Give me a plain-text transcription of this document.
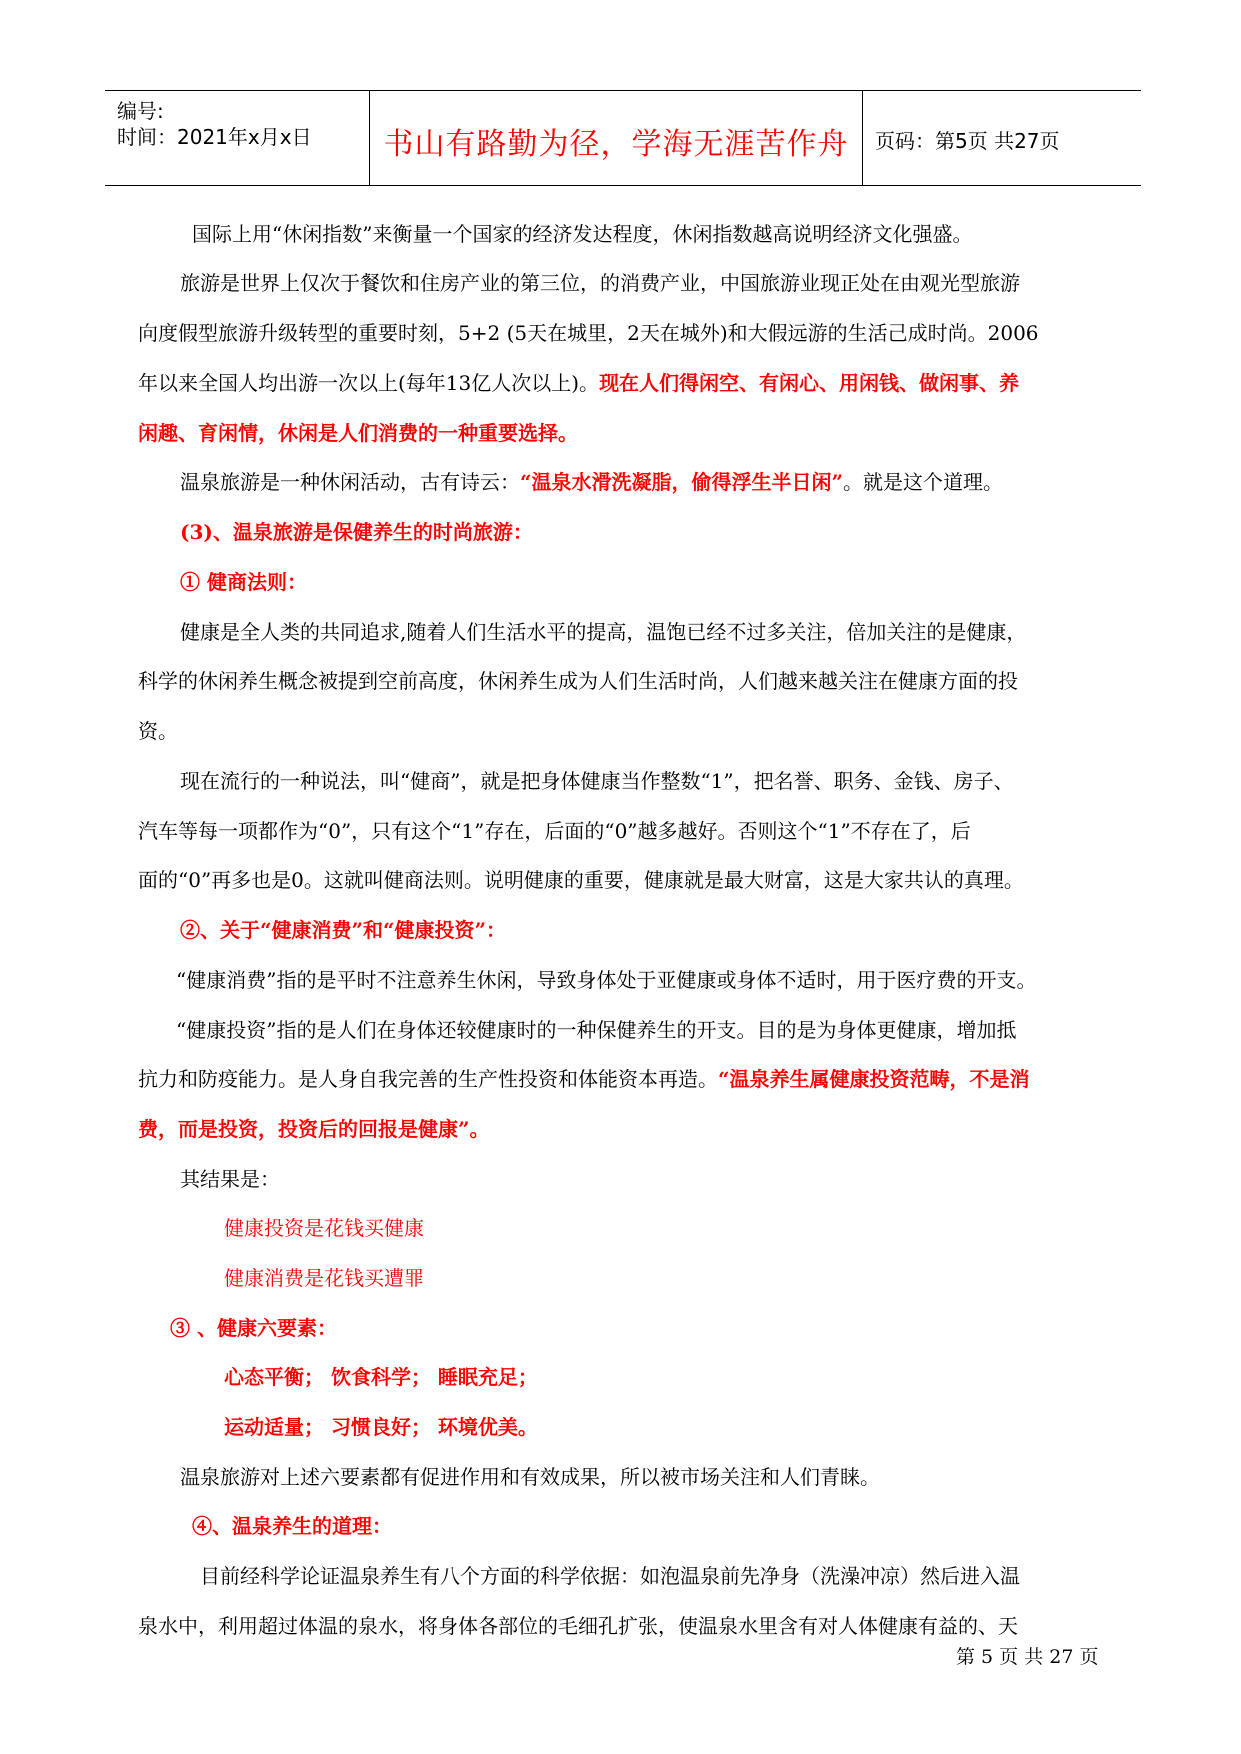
编号:
时间：2021年x月x日	书山有路勤为径，学海无涯苦作舟	页码：第5页 共27页
国际上用“休闲指数”来衡量一个国家的经济发达程度，休闲指数越高说明经济文化强盛。
旅游是世界上仅次于餐饮和住房产业的第三位，的消费产业，中国旅游业现正处在由观光型旅游
向度假型旅游升级转型的重要时刻，5+2 (5天在城里，2天在城外)和大假远游的生活己成时尚。2006
年以来全国人均出游一次以上(每年13亿人次以上)。现在人们得闲空、有闲心、用闲钱、做闲事、养
闲趣、育闲情，休闲是人们消费的一种重要选择。
温泉旅游是一种休闲活动，古有诗云：“温泉水滑洗凝脂，偷得浮生半日闲”。就是这个道理。
(3)、温泉旅游是保健养生的时尚旅游：
① 健商法则：
健康是全人类的共同追求,随着人们生活水平的提高，温饱已经不过多关注，倍加关注的是健康，
科学的休闲养生概念被提到空前高度，休闲养生成为人们生活时尚，人们越来越关注在健康方面的投
资。
现在流行的一种说法，叫“健商”，就是把身体健康当作整数“1”，把名誉、职务、金钱、房子、
汽车等每一项都作为“0”，只有这个“1”存在，后面的“0”越多越好。否则这个“1”不存在了，后
面的“0”再多也是0。这就叫健商法则。说明健康的重要，健康就是最大财富，这是大家共认的真理。
②、关于“健康消费”和“健康投资”：
“健康消费”指的是平时不注意养生休闲，导致身体处于亚健康或身体不适时，用于医疗费的开支。
“健康投资”指的是人们在身体还较健康时的一种保健养生的开支。目的是为身体更健康，增加抵
抗力和防疫能力。是人身自我完善的生产性投资和体能资本再造。“温泉养生属健康投资范畴，不是消
费，而是投资，投资后的回报是健康”。
其结果是：
健康投资是花钱买健康
健康消费是花钱买遭罪
③ 、健康六要素：
心态平衡； 饮食科学； 睡眠充足；
运动适量； 习惯良好； 环境优美。
温泉旅游对上述六要素都有促进作用和有效成果，所以被市场关注和人们青睐。
④、温泉养生的道理：
目前经科学论证温泉养生有八个方面的科学依据：如泡温泉前先净身（洗澡冲凉）然后进入温
泉水中，利用超过体温的泉水，将身体各部位的毛细孔扩张，使温泉水里含有对人体健康有益的、天
第 5 页 共 27 页
